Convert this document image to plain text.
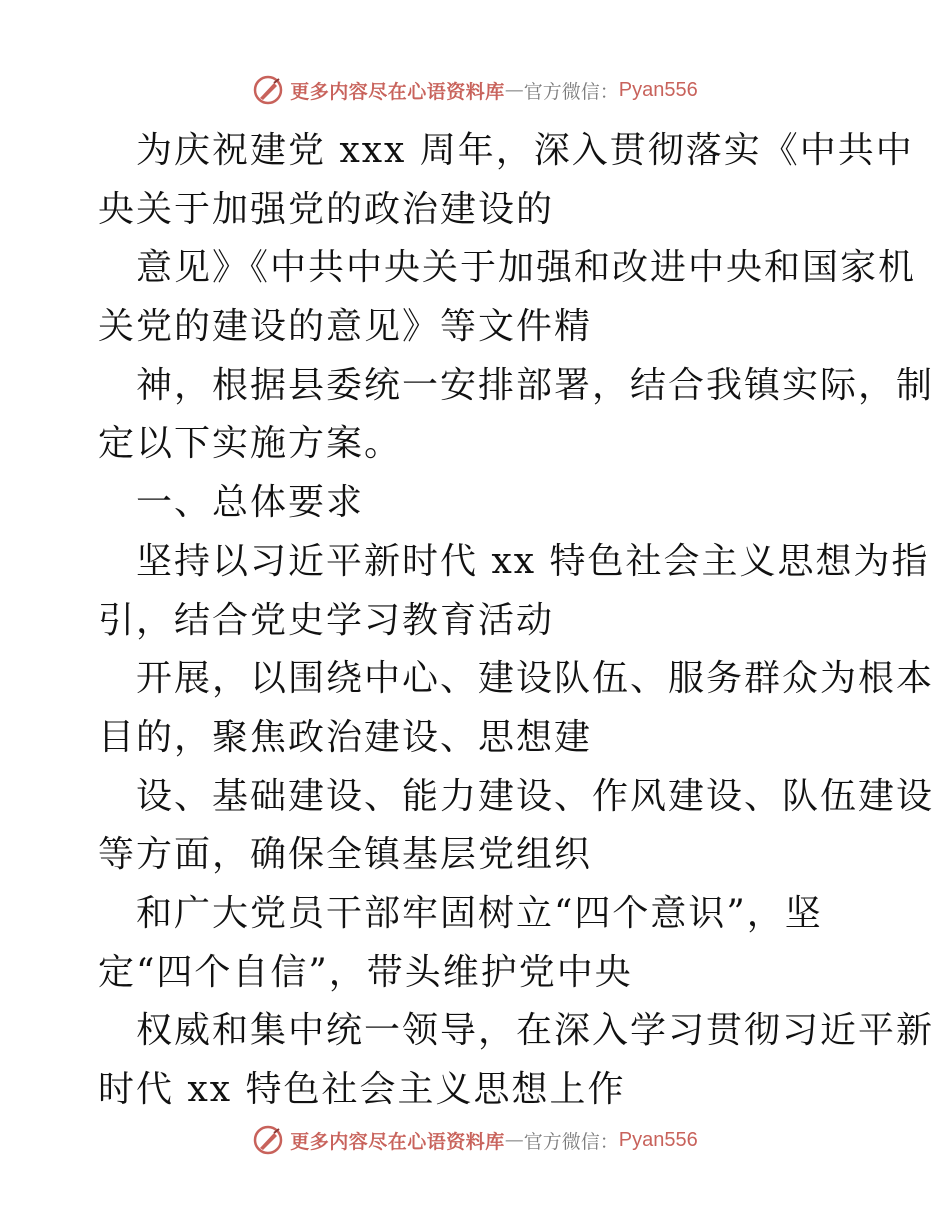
更多内容尽在心语资料库 — 官方微信： Pyan556
为庆祝建党 xxx 周年，深入贯彻落实《中共中
央关于加强党的政治建设的
意见》《中共中央关于加强和改进中央和国家机
关党的建设的意见》等文件精
神，根据县委统一安排部署，结合我镇实际，制
定以下实施方案。
一、总体要求
坚持以习近平新时代 xx 特色社会主义思想为指
引，结合党史学习教育活动
开展，以围绕中心、建设队伍、服务群众为根本
目的，聚焦政治建设、思想建
设、基础建设、能力建设、作风建设、队伍建设
等方面，确保全镇基层党组织
和广大党员干部牢固树立“四个意识”，坚
定“四个自信”，带头维护党中央
权威和集中统一领导，在深入学习贯彻习近平新
时代 xx 特色社会主义思想上作
更多内容尽在心语资料库 — 官方微信： Pyan556
